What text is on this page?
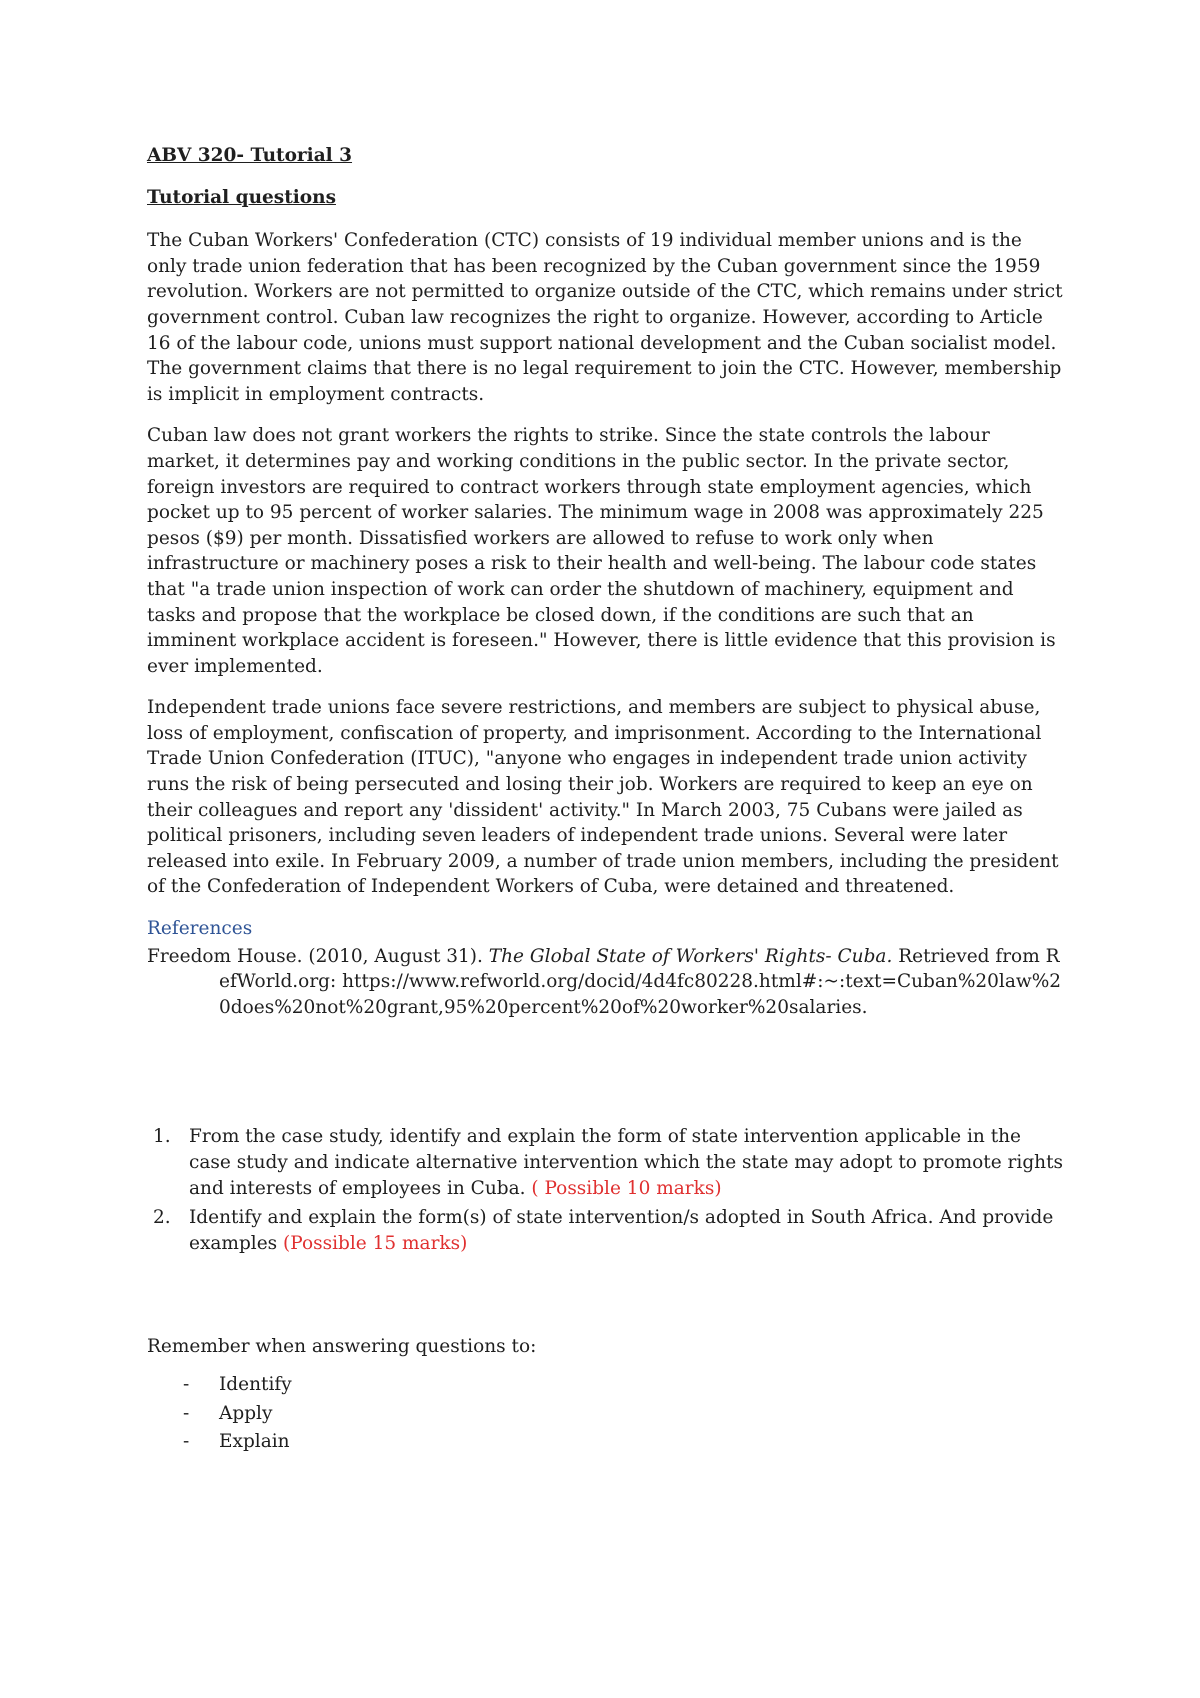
ABV 320- Tutorial 3
Tutorial questions

The Cuban Workers' Confederation (CTC) consists of 19 individual member unions and is the only trade union federation that has been recognized by the Cuban government since the 1959 revolution. Workers are not permitted to organize outside of the CTC, which remains under strict government control. Cuban law recognizes the right to organize. However, according to Article 16 of the labour code, unions must support national development and the Cuban socialist model. The government claims that there is no legal requirement to join the CTC. However, membership is implicit in employment contracts.

Cuban law does not grant workers the rights to strike. Since the state controls the labour market, it determines pay and working conditions in the public sector. In the private sector, foreign investors are required to contract workers through state employment agencies, which pocket up to 95 percent of worker salaries. The minimum wage in 2008 was approximately 225 pesos ($9) per month. Dissatisfied workers are allowed to refuse to work only when infrastructure or machinery poses a risk to their health and well-being. The labour code states that "a trade union inspection of work can order the shutdown of machinery, equipment and tasks and propose that the workplace be closed down, if the conditions are such that an imminent workplace accident is foreseen." However, there is little evidence that this provision is ever implemented.

Independent trade unions face severe restrictions, and members are subject to physical abuse, loss of employment, confiscation of property, and imprisonment. According to the International Trade Union Confederation (ITUC), "anyone who engages in independent trade union activity runs the risk of being persecuted and losing their job. Workers are required to keep an eye on their colleagues and report any 'dissident' activity." In March 2003, 75 Cubans were jailed as political prisoners, including seven leaders of independent trade unions. Several were later released into exile. In February 2009, a number of trade union members, including the president of the Confederation of Independent Workers of Cuba, were detained and threatened.

References
Freedom House. (2010, August 31). The Global State of Workers' Rights- Cuba. Retrieved from RefWorld.org: https://www.refworld.org/docid/4d4fc80228.html#:~:text=Cuban%20law%20does%20not%20grant,95%20percent%20of%20worker%20salaries.
1. From the case study, identify and explain the form of state intervention applicable in the case study and indicate alternative intervention which the state may adopt to promote rights and interests of employees in Cuba. ( Possible 10 marks)
2. Identify and explain the form(s) of state intervention/s adopted in South Africa. And provide examples (Possible 15 marks)
Remember when answering questions to:
- Identify
- Apply
- Explain
